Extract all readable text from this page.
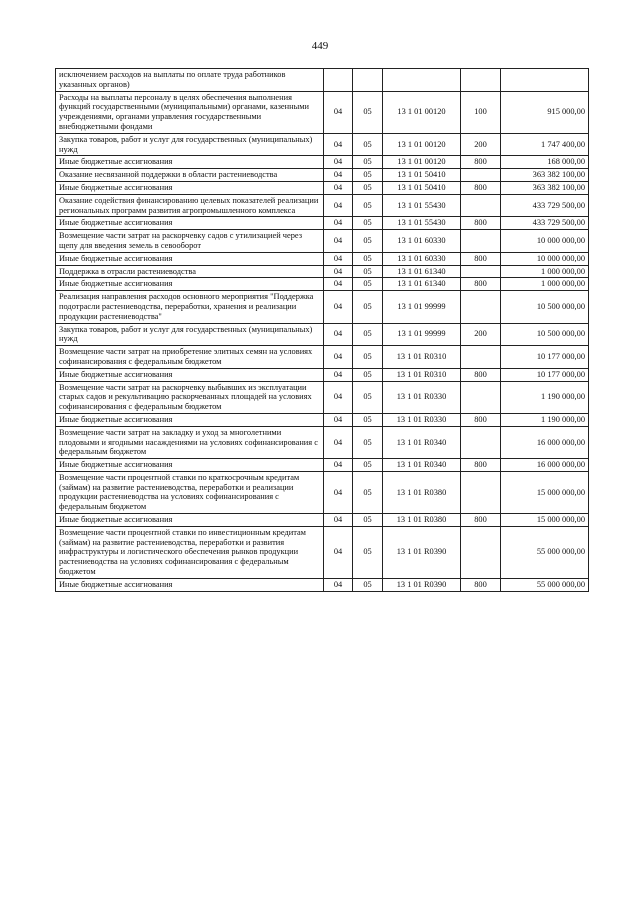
449
исключением расходов на выплаты по оплате труда работников указанных органов)					
Расходы на выплаты персоналу в целях обеспечения выполнения функций государственными (муниципальными) органами, казенными учреждениями, органами управления государственными внебюджетными фондами	04	05	13 1 01 00120	100	915 000,00
Закупка товаров, работ и услуг для государственных (муниципальных) нужд	04	05	13 1 01 00120	200	1 747 400,00
Иные бюджетные ассигнования	04	05	13 1 01 00120	800	168 000,00
Оказание несвязанной поддержки в области растениеводства	04	05	13 1 01 50410		363 382 100,00
Иные бюджетные ассигнования	04	05	13 1 01 50410	800	363 382 100,00
Оказание содействия финансированию целевых показателей реализации региональных программ развития агропромышленного комплекса	04	05	13 1 01 55430		433 729 500,00
Иные бюджетные ассигнования	04	05	13 1 01 55430	800	433 729 500,00
Возмещение части затрат на раскорчевку садов с утилизацией через щепу для введения земель в севооборот	04	05	13 1 01 60330		10 000 000,00
Иные бюджетные ассигнования	04	05	13 1 01 60330	800	10 000 000,00
Поддержка в отрасли растениеводства	04	05	13 1 01 61340		1 000 000,00
Иные бюджетные ассигнования	04	05	13 1 01 61340	800	1 000 000,00
Реализация направления расходов основного мероприятия "Поддержка подотрасли растениеводства, переработки, хранения и реализации продукции растениеводства"	04	05	13 1 01 99999		10 500 000,00
Закупка товаров, работ и услуг для государственных (муниципальных) нужд	04	05	13 1 01 99999	200	10 500 000,00
Возмещение части затрат на приобретение элитных семян на условиях софинансирования с федеральным бюджетом	04	05	13 1 01 R0310		10 177 000,00
Иные бюджетные ассигнования	04	05	13 1 01 R0310	800	10 177 000,00
Возмещение части затрат на раскорчевку выбывших из эксплуатации старых садов и рекультивацию раскорчеванных площадей на условиях софинансирования с федеральным бюджетом	04	05	13 1 01 R0330		1 190 000,00
Иные бюджетные ассигнования	04	05	13 1 01 R0330	800	1 190 000,00
Возмещение части затрат на закладку и уход за многолетними плодовыми и ягодными насаждениями на условиях софинансирования с федеральным бюджетом	04	05	13 1 01 R0340		16 000 000,00
Иные бюджетные ассигнования	04	05	13 1 01 R0340	800	16 000 000,00
Возмещение части процентной ставки по краткосрочным кредитам (займам) на развитие растениеводства, переработки и реализации продукции растениеводства на условиях софинансирования с федеральным бюджетом	04	05	13 1 01 R0380		15 000 000,00
Иные бюджетные ассигнования	04	05	13 1 01 R0380	800	15 000 000,00
Возмещение части процентной ставки по инвестиционным кредитам (займам) на развитие растениеводства, переработки и развития инфраструктуры и логистического обеспечения рынков продукции растениеводства на условиях софинансирования с федеральным бюджетом	04	05	13 1 01 R0390		55 000 000,00
Иные бюджетные ассигнования	04	05	13 1 01 R0390	800	55 000 000,00
